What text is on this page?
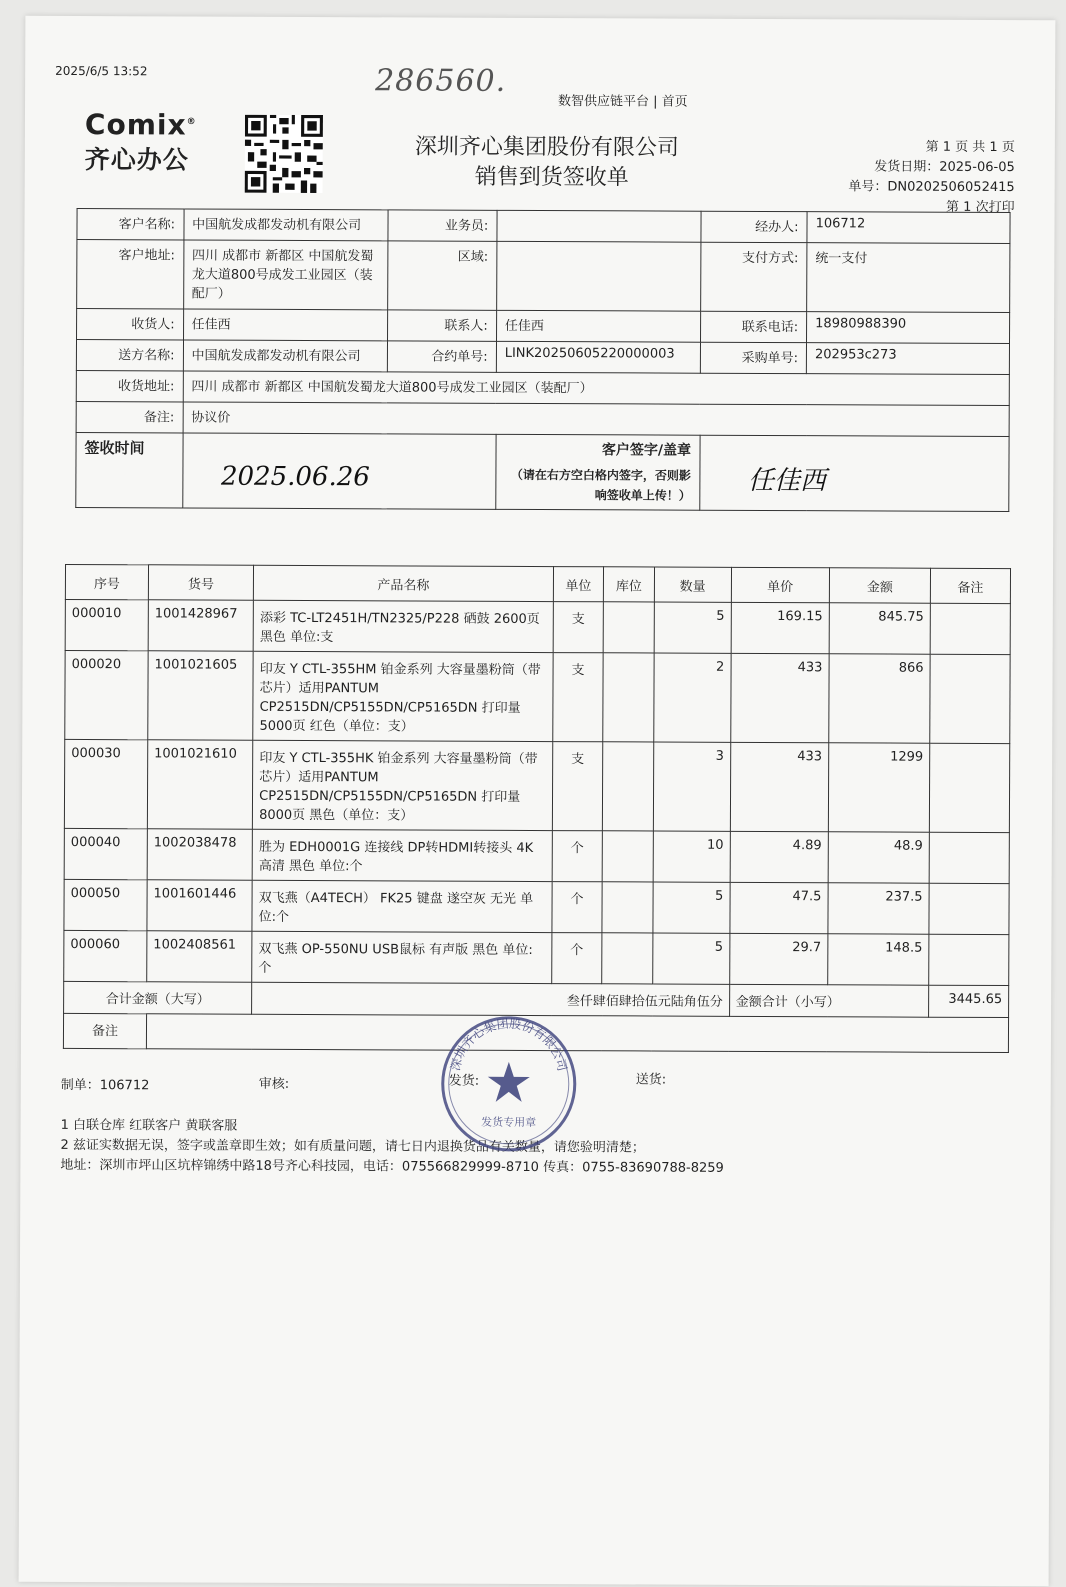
2025/6/5 13:52	286560.
数智供应链平台 | 首页
Comix®
齐心办公	深圳齐心集团股份有限公司
销售到货签收单
第 1 页 共 1 页
发货日期：2025-06-05
单号：DN0202506052415
第 1 次打印
客户名称:	中国航发成都发动机有限公司	业务员:		经办人:	106712
客户地址:	四川 成都市 新都区 中国航发蜀龙大道800号成发工业园区（装配厂）	区域:		支付方式:	统一支付
收货人:	任佳西	联系人:	任佳西	联系电话:	18980988390
送方名称:	中国航发成都发动机有限公司	合约单号:	LINK20250605220000003	采购单号:	202953c273
收货地址:	四川 成都市 新都区 中国航发蜀龙大道800号成发工业园区（装配厂）				
备注:	协议价				
签收时间	2025.06.26		客户签字/盖章
（请在右方空白格内签字，否则影响签收单上传！）	任佳西	
序号	货号	产品名称	单位	库位	数量	单价	金额	备注
000010	1001428967	添彩 TC-LT2451H/TN2325/P228 硒鼓 2600页 黑色 单位:支	支		5	169.15	845.75	
000020	1001021605	印友 Y CTL-355HM 铂金系列 大容量墨粉筒（带芯片）适用PANTUM CP2515DN/CP5155DN/CP5165DN 打印量5000页 红色（单位：支）	支		2	433	866	
000030	1001021610	印友 Y CTL-355HK 铂金系列 大容量墨粉筒（带芯片）适用PANTUM CP2515DN/CP5155DN/CP5165DN 打印量8000页 黑色（单位：支）	支		3	433	1299	
000040	1002038478	胜为 EDH0001G 连接线 DP转HDMI转接头 4K高清 黑色 单位:个	个		10	4.89	48.9	
000050	1001601446	双飞燕（A4TECH） FK25 键盘 遂空灰 无光 单位:个	个		5	47.5	237.5	
000060	1002408561	双飞燕 OP-550NU USB鼠标 有声版 黑色 单位:个	个		5	29.7	148.5	
合计金额（大写）		叁仟肆佰肆拾伍元陆角伍分				金额合计（小写）		3445.65
备注								
制单：106712	审核:	发货:	送货:
1 白联仓库 红联客户 黄联客服
2 兹证实数据无误，签字或盖章即生效；如有质量问题，请七日内退换货品有关数量，请您验明清楚；
地址：深圳市坪山区坑梓锦绣中路18号齐心科技园，电话：075566829999-8710 传真：0755-83690788-8259
深圳齐心集团股份有限公司
发货专用章
